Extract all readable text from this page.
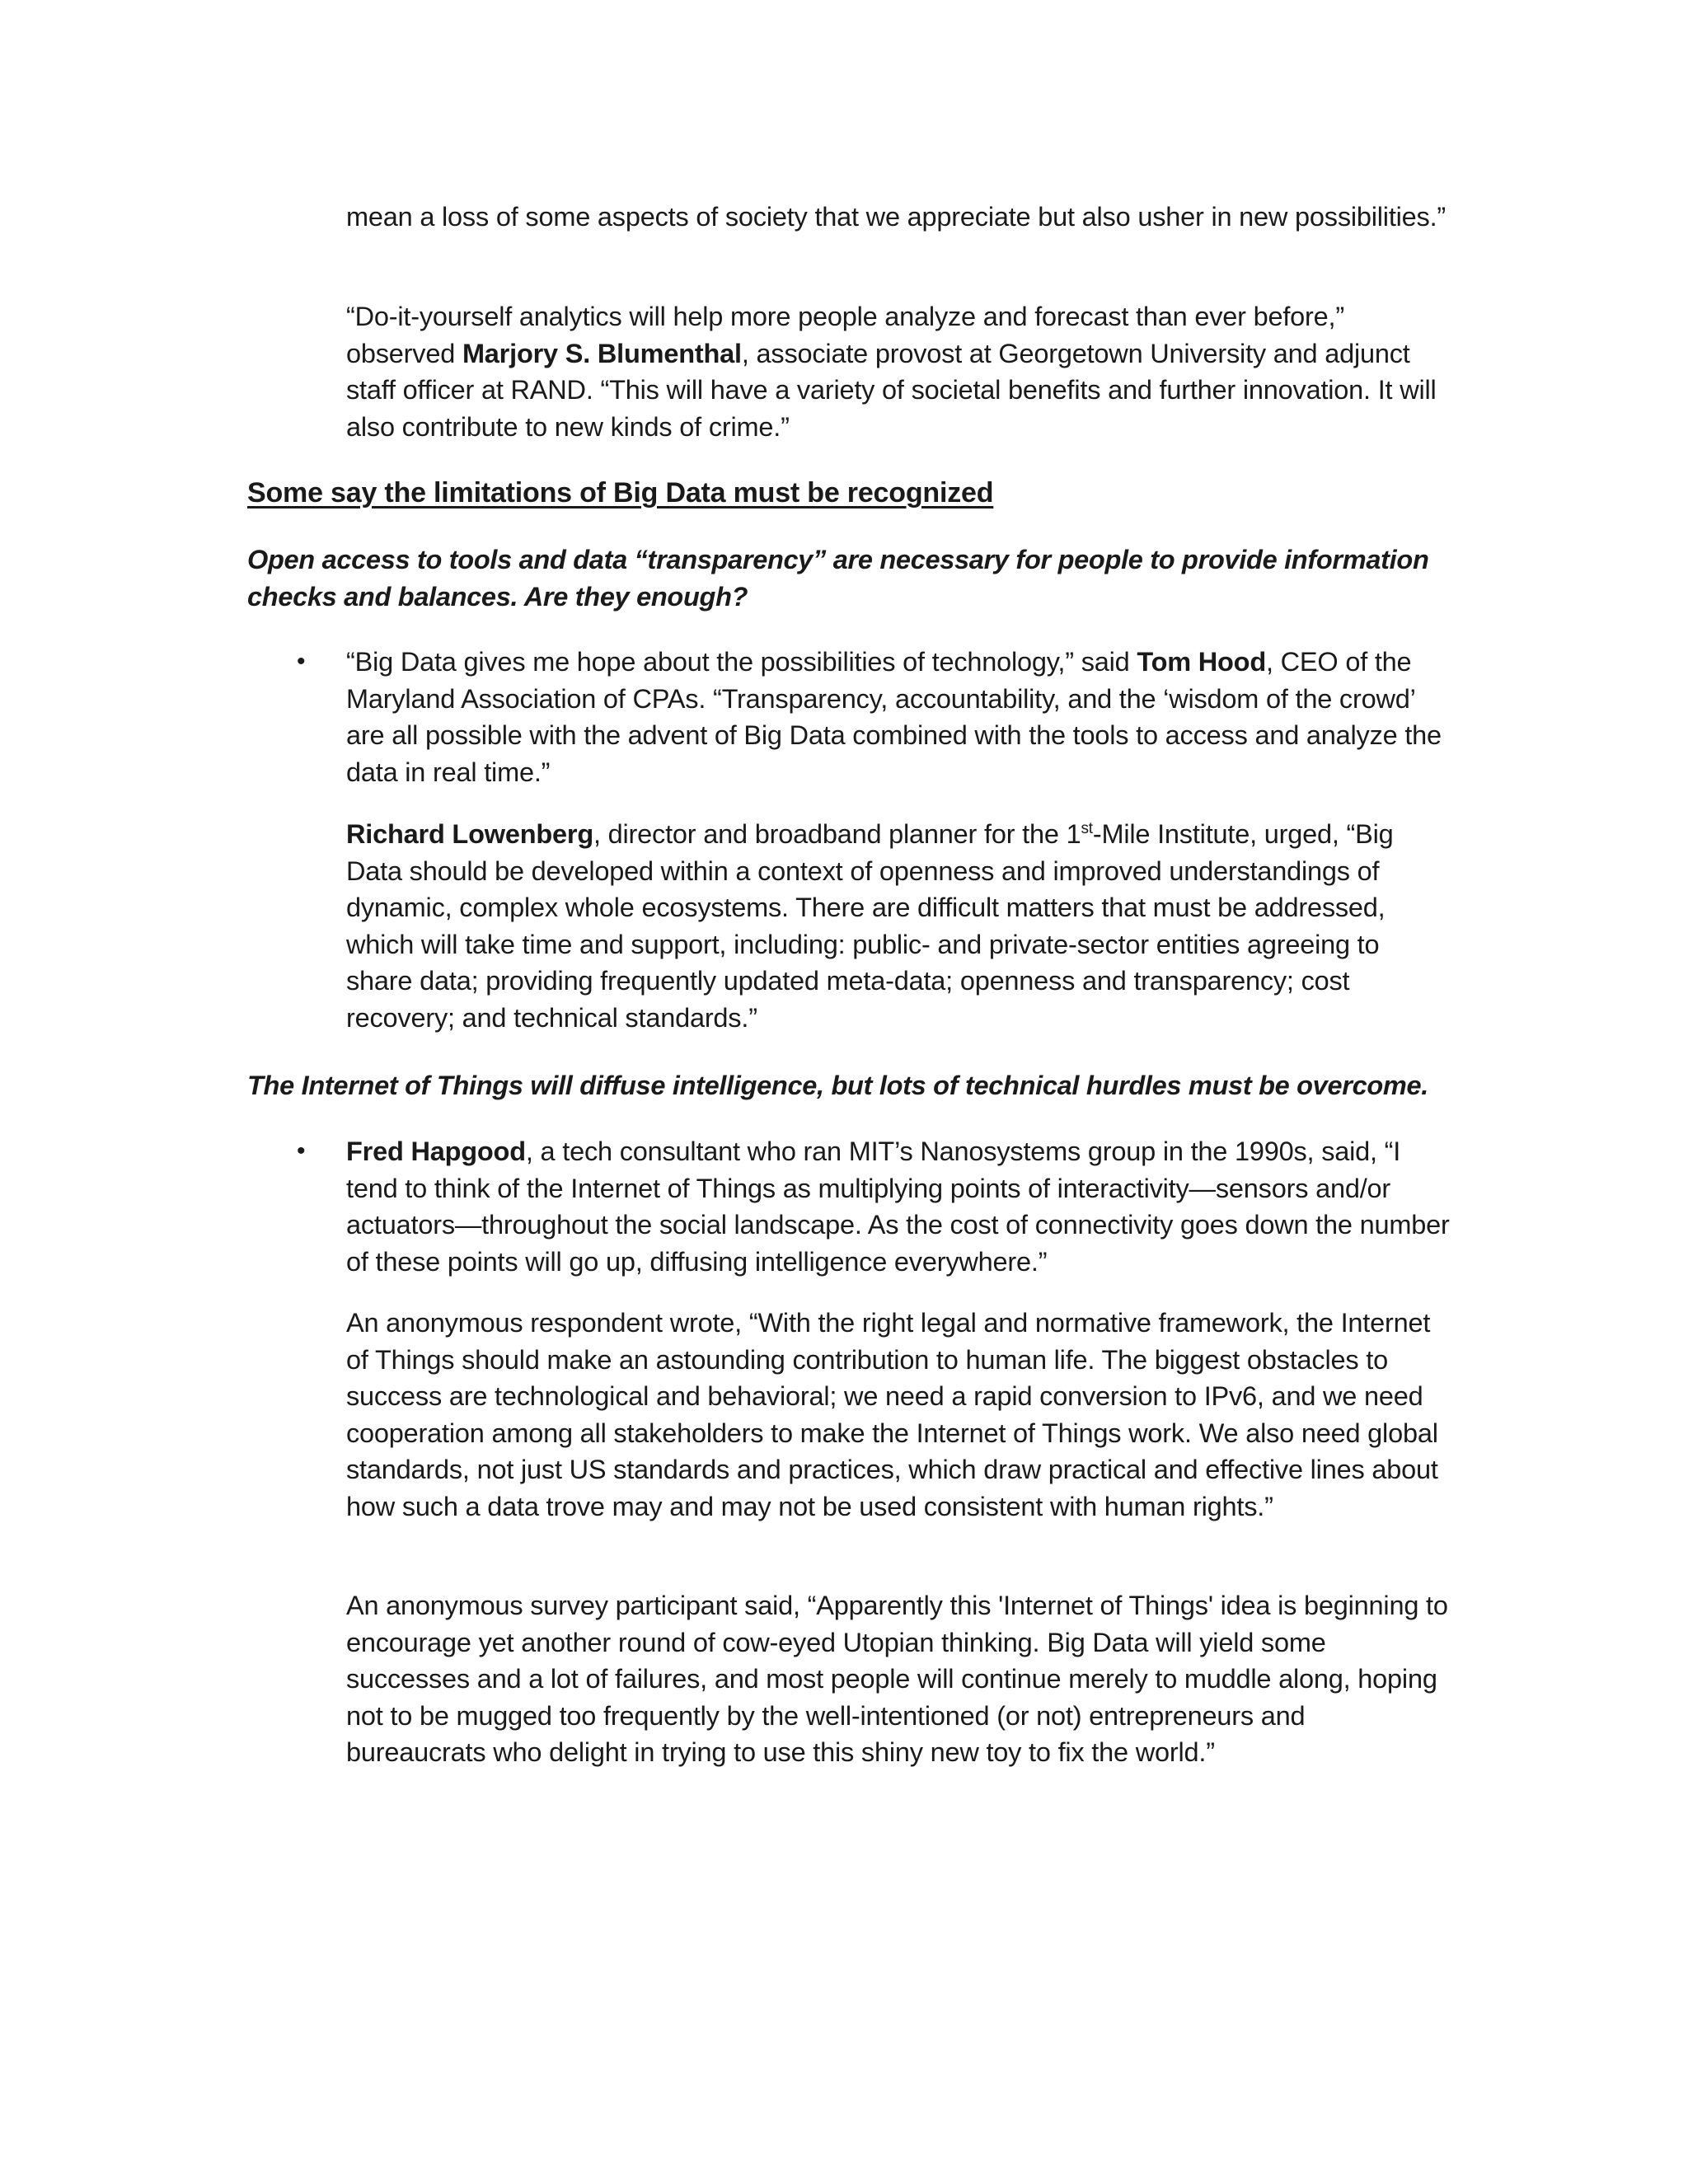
mean a loss of some aspects of society that we appreciate but also usher in new possibilities.”
“Do-it-yourself analytics will help more people analyze and forecast than ever before,” observed Marjory S. Blumenthal, associate provost at Georgetown University and adjunct staff officer at RAND. “This will have a variety of societal benefits and further innovation. It will also contribute to new kinds of crime.”
Some say the limitations of Big Data must be recognized
Open access to tools and data “transparency” are necessary for people to provide information checks and balances. Are they enough?
• “Big Data gives me hope about the possibilities of technology,” said Tom Hood, CEO of the Maryland Association of CPAs. “Transparency, accountability, and the ‘wisdom of the crowd’ are all possible with the advent of Big Data combined with the tools to access and analyze the data in real time.”
Richard Lowenberg, director and broadband planner for the 1st-Mile Institute, urged, “Big Data should be developed within a context of openness and improved understandings of dynamic, complex whole ecosystems. There are difficult matters that must be addressed, which will take time and support, including: public- and private-sector entities agreeing to share data; providing frequently updated meta-data; openness and transparency; cost recovery; and technical standards.”
The Internet of Things will diffuse intelligence, but lots of technical hurdles must be overcome.
• Fred Hapgood, a tech consultant who ran MIT’s Nanosystems group in the 1990s, said, “I tend to think of the Internet of Things as multiplying points of interactivity—sensors and/or actuators—throughout the social landscape. As the cost of connectivity goes down the number of these points will go up, diffusing intelligence everywhere.”
An anonymous respondent wrote, “With the right legal and normative framework, the Internet of Things should make an astounding contribution to human life. The biggest obstacles to success are technological and behavioral; we need a rapid conversion to IPv6, and we need cooperation among all stakeholders to make the Internet of Things work. We also need global standards, not just US standards and practices, which draw practical and effective lines about how such a data trove may and may not be used consistent with human rights.”
An anonymous survey participant said, “Apparently this 'Internet of Things' idea is beginning to encourage yet another round of cow-eyed Utopian thinking. Big Data will yield some successes and a lot of failures, and most people will continue merely to muddle along, hoping not to be mugged too frequently by the well-intentioned (or not) entrepreneurs and bureaucrats who delight in trying to use this shiny new toy to fix the world.”
